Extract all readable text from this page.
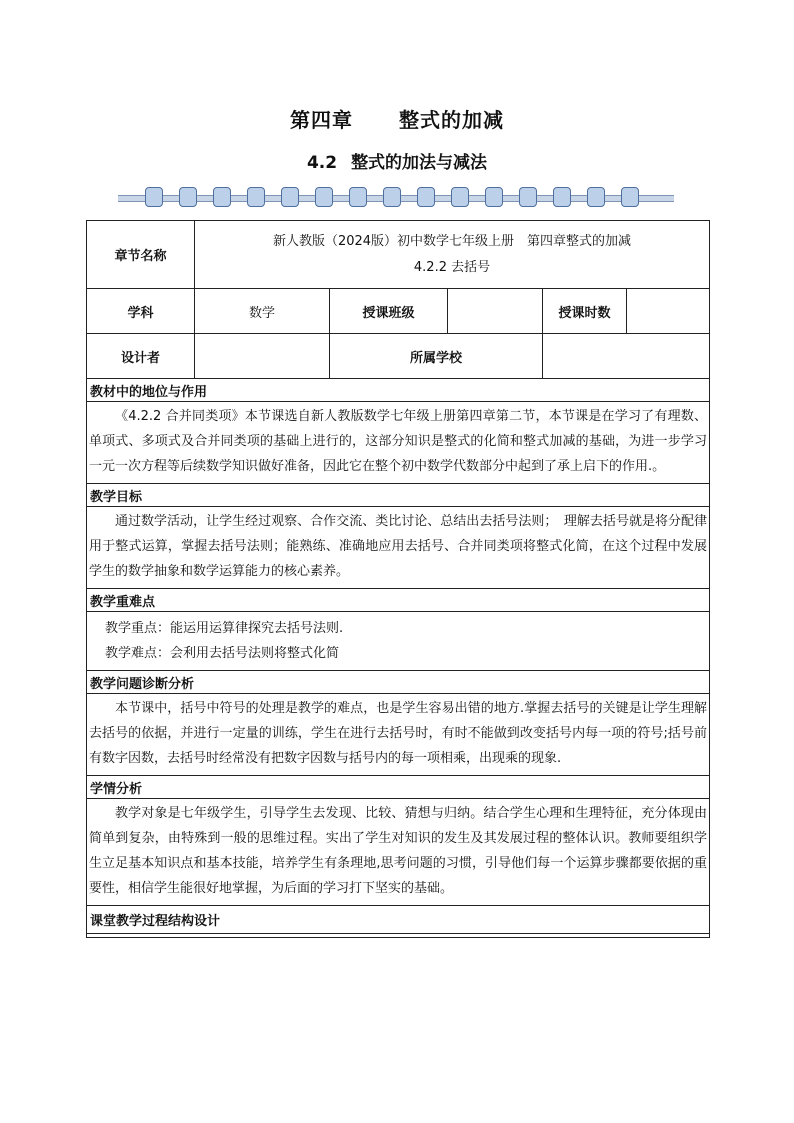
第四章 整式的加减
4.2 整式的加法与减法
章节名称	新人教版（2024版）初中数学七年级上册　第四章整式的加减
4.2.2 去括号				

学科	数学	授课班级		授课时数	
设计者		所属学校			
教材中的地位与作用					
《4.2.2 合并同类项》本节课选自新人教版数学七年级上册第四章第二节，本节课是在学习了有理数、单项式、多项式及合并同类项的基础上进行的，这部分知识是整式的化简和整式加减的基础，为进一步学习一元一次方程等后续数学知识做好准备，因此它在整个初中数学代数部分中起到了承上启下的作用.。					
教学目标					
通过数学活动，让学生经过观察、合作交流、类比讨论、总结出去括号法则；　理解去括号就是将分配律用于整式运算，掌握去括号法则；能熟练、准确地应用去括号、合并同类项将整式化简，在这个过程中发展学生的数学抽象和数学运算能力的核心素养。					
教学重难点					

教学重点：能运用运算律探究去括号法则.
教学难点：会利用去括号法则将整式化简					

教学问题诊断分析					
本节课中，括号中符号的处理是教学的难点，也是学生容易出错的地方.掌握去括号的关键是让学生理解去括号的依据，并进行一定量的训练，学生在进行去括号时，有时不能做到改变括号内每一项的符号;括号前有数字因数，去括号时经常没有把数字因数与括号内的每一项相乘，出现乘的现象.					
学情分析					
教学对象是七年级学生，引导学生去发现、比较、猜想与归纳。结合学生心理和生理特征，充分体现由简单到复杂，由特殊到一般的思维过程。实出了学生对知识的发生及其发展过程的整体认识。教师要组织学生立足基本知识点和基本技能，培养学生有条理地,思考问题的习惯，引导他们每一个运算步骤都要依据的重要性，相信学生能很好地掌握，为后面的学习打下坚实的基础。					
课堂教学过程结构设计					
